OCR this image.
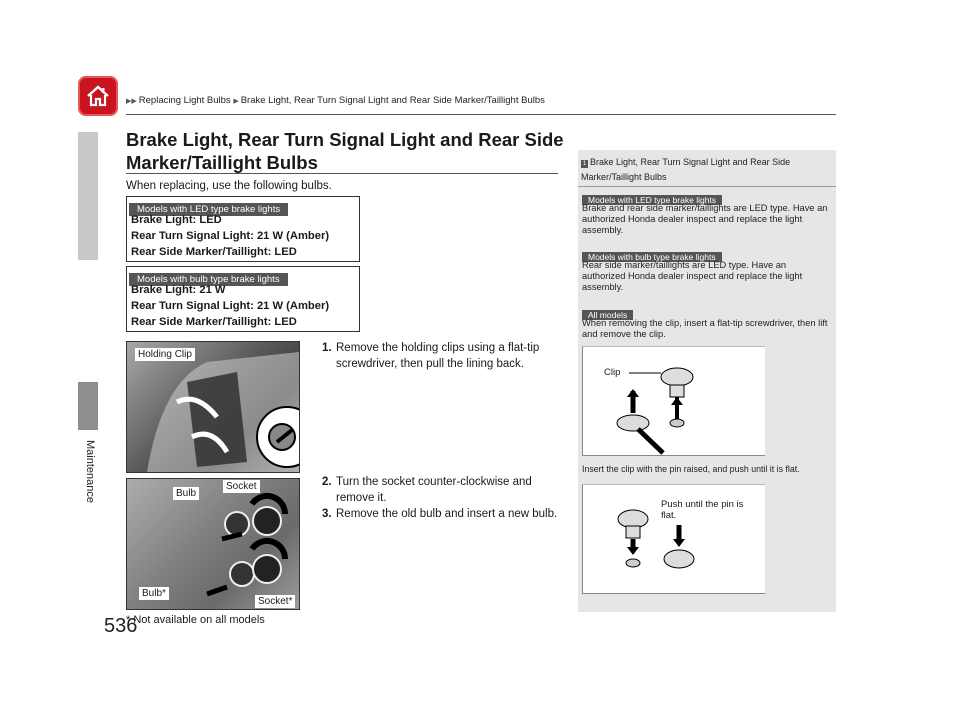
▶▶ Replacing Light Bulbs ▶ Brake Light, Rear Turn Signal Light and Rear Side Marker/Taillight Bulbs
Maintenance
536
Brake Light, Rear Turn Signal Light and Rear Side Marker/Taillight Bulbs
When replacing, use the following bulbs.
Models with LED type brake lights
Brake Light: LED
Rear Turn Signal Light: 21 W (Amber)
Rear Side Marker/Taillight: LED
Models with bulb type brake lights
Brake Light: 21 W
Rear Turn Signal Light: 21 W (Amber)
Rear Side Marker/Taillight: LED
Holding Clip
Bulb
Socket
Bulb*
Socket*
1. Remove the holding clips using a flat-tip screwdriver, then pull the lining back.
2. Turn the socket counter-clockwise and remove it.
3. Remove the old bulb and insert a new bulb.
* Not available on all models
1 Brake Light, Rear Turn Signal Light and Rear Side Marker/Taillight Bulbs
Models with LED type brake lights
Brake and rear side marker/taillights are LED type. Have an authorized Honda dealer inspect and replace the light assembly.
Models with bulb type brake lights
Rear side marker/taillights are LED type. Have an authorized Honda dealer inspect and replace the light assembly.
All models
When removing the clip, insert a flat-tip screwdriver, then lift and remove the clip.
Clip
Insert the clip with the pin raised, and push until it is flat.
Push until the pin is flat.
